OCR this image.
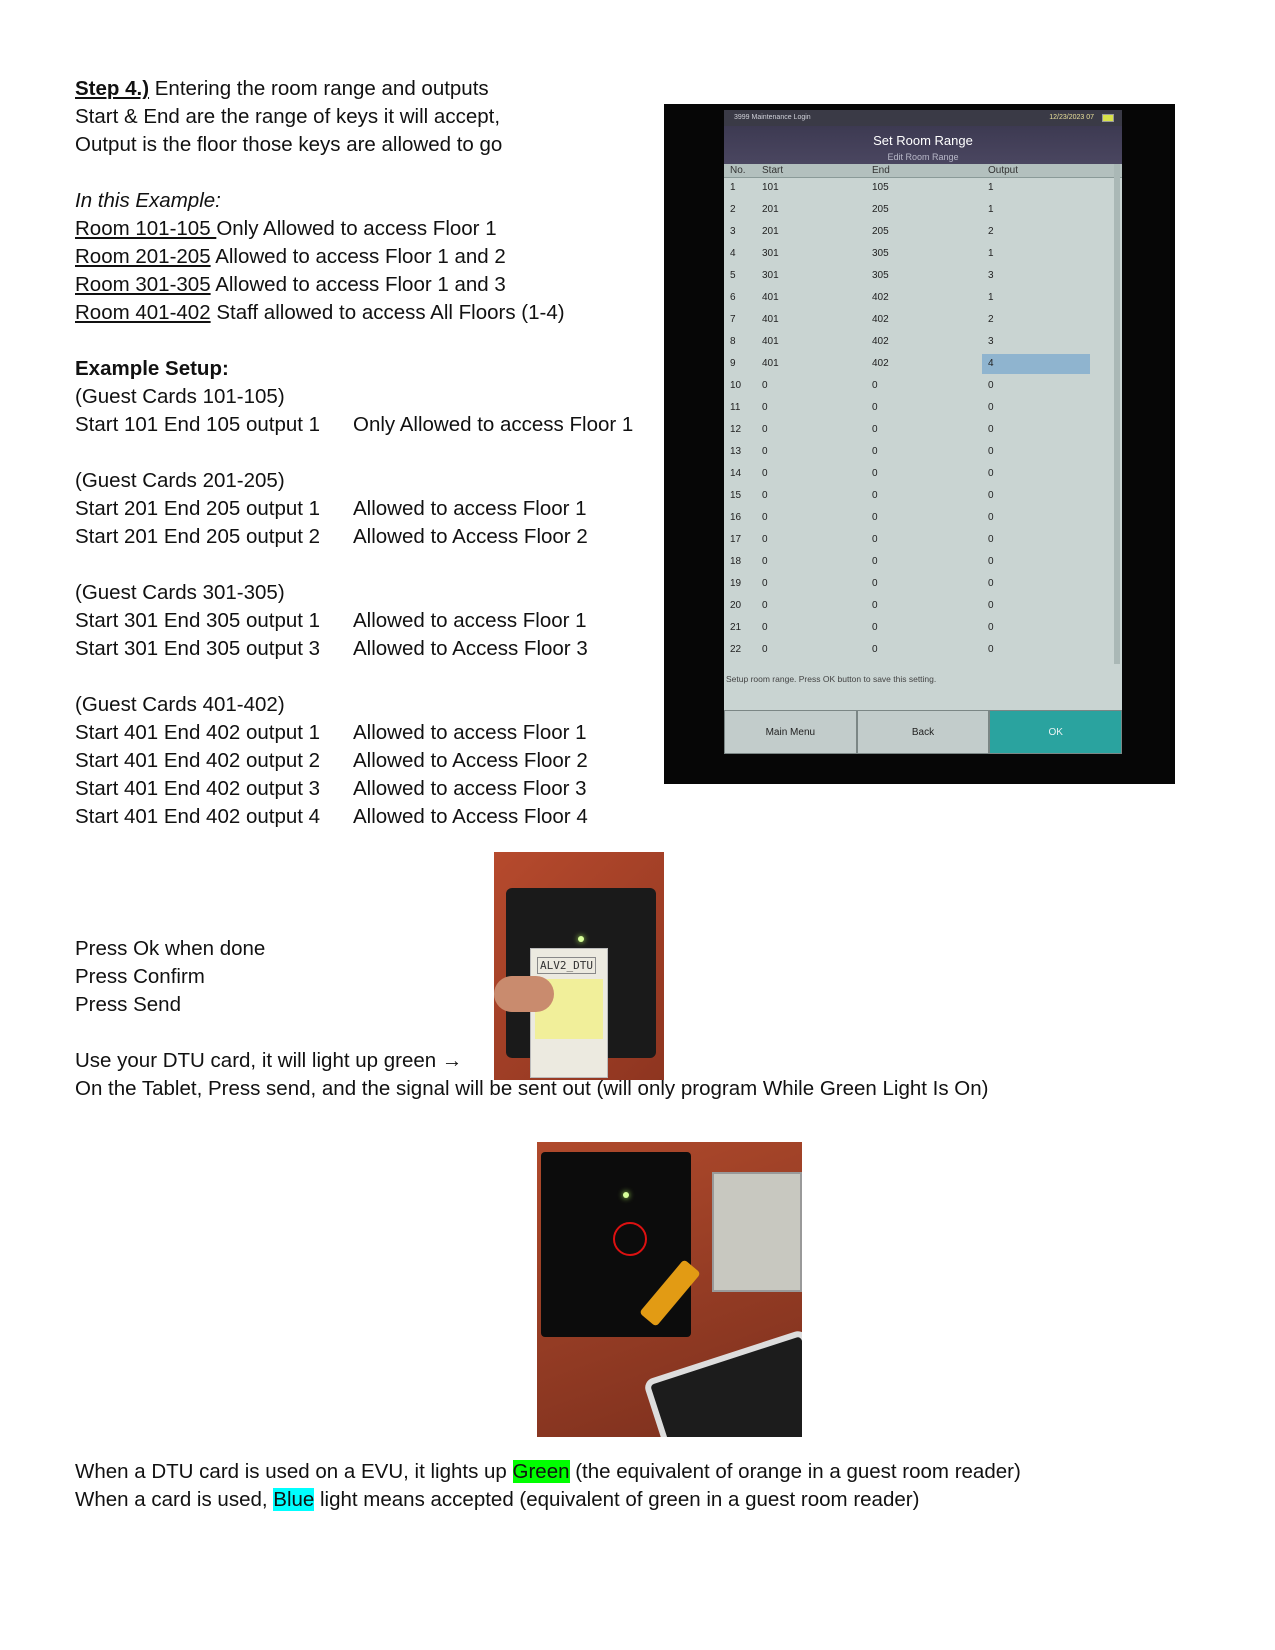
Step 4.) Entering the room range and outputs
Start & End are the range of keys it will accept,
Output is the floor those keys are allowed to go
In this Example:
Room 101-105 Only Allowed to access Floor 1
Room 201-205 Allowed to access Floor 1 and 2
Room 301-305 Allowed to access Floor 1 and 3
Room 401-402 Staff allowed to access All Floors (1-4)
Example Setup:
(Guest Cards 101-105)
Start 101 End 105 output 1 Only Allowed to access Floor 1
(Guest Cards 201-205)
Start 201 End 205 output 1 Allowed to access Floor 1
Start 201 End 205 output 2 Allowed to Access Floor 2
(Guest Cards 301-305)
Start 301 End 305 output 1 Allowed to access Floor 1
Start 301 End 305 output 3 Allowed to Access Floor 3
(Guest Cards 401-402)
Start 401 End 402 output 1 Allowed to access Floor 1
Start 401 End 402 output 2 Allowed to Access Floor 2
Start 401 End 402 output 3 Allowed to access Floor 3
Start 401 End 402 output 4 Allowed to Access Floor 4
3999 Maintenance Login	12/23/2023 07
Set Room Range
Edit Room Range
No. Start	End	Output
1	101	105	1
2	201	205	1
3	201	205	2
4	301	305	1
5	301	305	3
6	401	402	1
7	401	402	2
8	401	402	3
9	401	402	4
10 0	0	0
11 0	0	0
12 0	0	0
13 0	0	0
14 0	0	0
15 0	0	0
16 0	0	0
17 0	0	0
18 0	0	0
19 0	0	0
20 0	0	0
21 0	0	0
22 0	0	0
Setup room range. Press OK button to save this setting.
Main Menu	Back	OK
ALV2_DTU
Press Ok when done
Press Confirm
Press Send
Use your DTU card, it will light up green →
On the Tablet, Press send, and the signal will be sent out (will only program While Green Light Is On)
When a DTU card is used on a EVU, it lights up Green (the equivalent of orange in a guest room reader)
When a card is used, Blue light means accepted (equivalent of green in a guest room reader)
